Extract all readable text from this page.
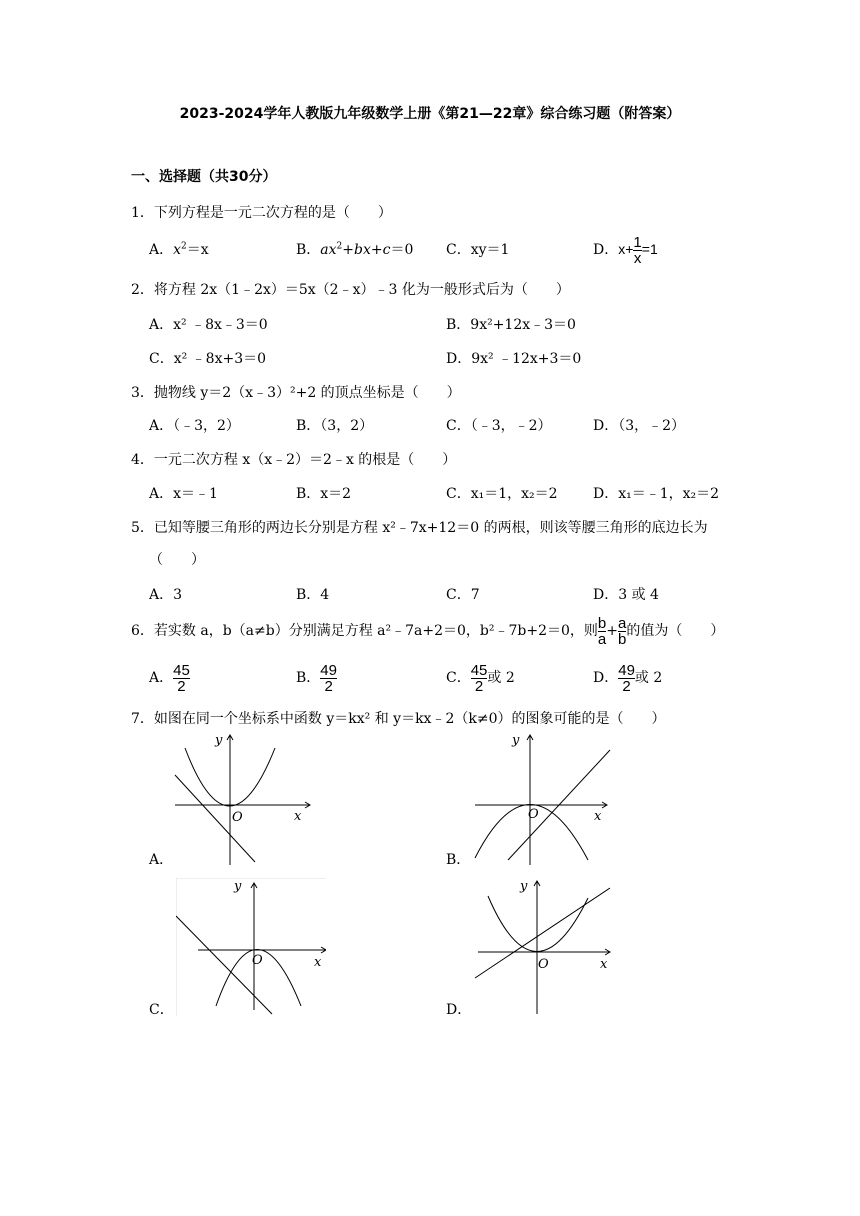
2023-2024学年人教版九年级数学上册《第21—22章》综合练习题（附答案）
一、选择题（共30分）
1．下列方程是一元二次方程的是（　　）
A．$x^2=x$	B．$ax^2+bx+c=0$ C．xy＝1	D．$x+ \frac{1}{x} =1$
2．将方程 2x（1﹣2x）＝5x（2﹣x）﹣3 化为一般形式后为（　　）
A．x² ﹣8x﹣3＝0	B．9x²+12x﹣3＝0
C．x² ﹣8x+3＝0	D．9x² ﹣12x+3＝0
3．抛物线 y＝2（x﹣3）²+2 的顶点坐标是（　　）
A．（﹣3，2）	B．（3，2）	C．（﹣3，﹣2）	D．（3，﹣2）
4．一元二次方程 x（x﹣2）＝2﹣x 的根是（　　）
A．x＝﹣1	B．x＝2	C．x₁＝1，x₂＝2	D．x₁＝﹣1，x₂＝2
5．已知等腰三角形的两边长分别是方程 x²﹣7x+12＝0 的两根，则该等腰三角形的底边长为
（　　）
A．3	B．4	C．7	D．3 或 4
6．若实数 a，b（a≠b）分别满足方程 a²﹣7a+2＝0，b²﹣7b+2＝0，则 $\frac{b}{a} + \frac{a}{b}$ 的值为（　　）
A． $\frac{45}{2}$	B． $\frac{49}{2}$	C． $\frac{45}{2}$ 或 2	D． $\frac{49}{2}$ 或 2
7．如图在同一个坐标系中函数 y＝kx² 和 y＝kx﹣2（k≠0）的图象可能的是（　　）
y
x
O
A．
y
x
O
B．
y
x
O
C．
y
x
O
D．
